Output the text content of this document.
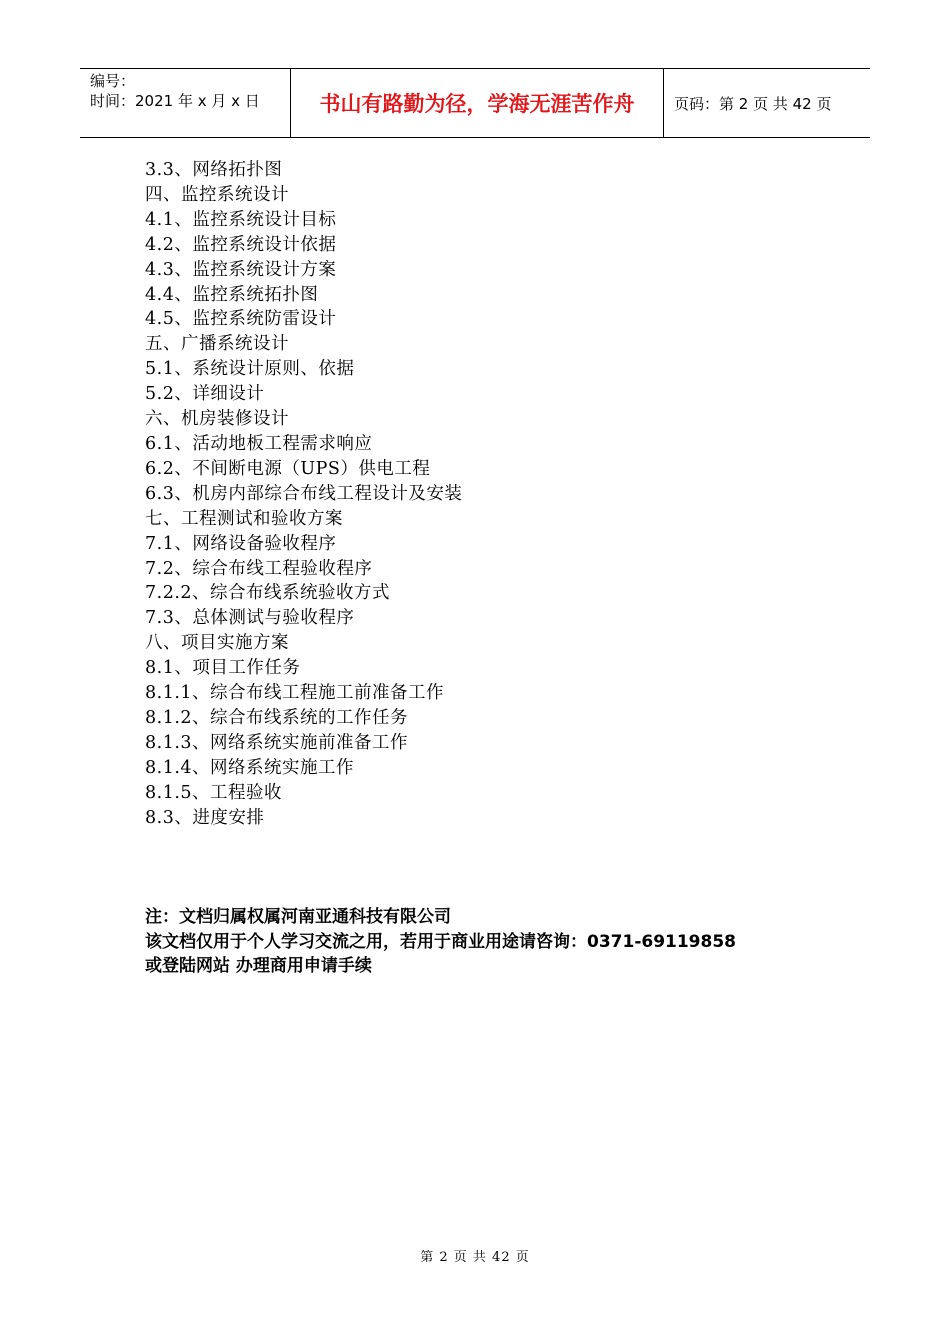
编号：
时间：2021 年 x 月 x 日	书山有路勤为径，学海无涯苦作舟	页码：第 2 页 共 42 页
3.3、网络拓扑图
四、监控系统设计
4.1、监控系统设计目标
4.2、监控系统设计依据
4.3、监控系统设计方案
4.4、监控系统拓扑图
4.5、监控系统防雷设计
五、广播系统设计
5.1、系统设计原则、依据
5.2、详细设计
六、机房装修设计
6.1、活动地板工程需求响应
6.2、不间断电源（UPS）供电工程
6.3、机房内部综合布线工程设计及安装
七、工程测试和验收方案
7.1、网络设备验收程序
7.2、综合布线工程验收程序
7.2.2、综合布线系统验收方式
7.3、总体测试与验收程序
八、项目实施方案
8.1、项目工作任务
8.1.1、综合布线工程施工前准备工作
8.1.2、综合布线系统的工作任务
8.1.3、网络系统实施前准备工作
8.1.4、网络系统实施工作
8.1.5、工程验收
8.3、进度安排
注：文档归属权属河南亚通科技有限公司
该文档仅用于个人学习交流之用，若用于商业用途请咨询：0371-69119858
或登陆网站 办理商用申请手续
第 2 页 共 42 页
